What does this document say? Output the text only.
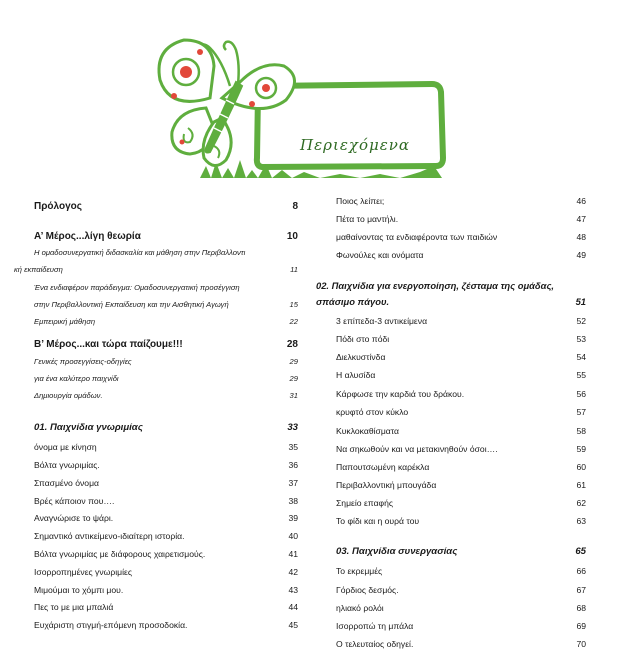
Περιεχόμενα
Πρόλογος	8
Α’ Μέρος...λίγη θεωρία	10
Η ομαδοσυνεργατική διδασκαλία και μάθηση στην Περιβαλλοντι
κή εκπαίδευση	11
Ένα ενδιαφέρον παράδειγμα: Ομαδοσυνεργατική προσέγγιση
στην Περιβαλλοντική Εκπαίδευση και την Αισθητική Αγωγή	15
Εμπειρική μάθηση	22
Β’ Μέρος...και τώρα παίζουμε!!!	28
Γενικές προσεγγίσεις-οδηγίες	29
για ένα καλύτερο παιχνίδι	29
Δημιουργία ομάδων.	31
01. Παιχνίδια γνωριμίας	33
όνομα με κίνηση	35
Βόλτα γνωριμίας.	36
Σπασμένο όνομα	37
Βρές κάποιον που….	38
Αναγνώρισε το ψάρι.	39
Σημαντικό αντικείμενο-ιδιαίτερη ιστορία.	40
Βόλτα γνωριμίας με διάφορους χαιρετισμούς.	41
Ισορροπημένες γνωριμίες	42
Μιμούμαι το χόμπι μου.	43
Πες το με μια μπαλιά	44
Ευχάριστη στιγμή-επόμενη προσοδοκία.	45
Ποιος λείπει;	46
Πέτα το μαντήλι.	47
μαθαίνοντας τα ενδιαφέροντα των παιδιών	48
Φωνούλες και ονόματα	49
02. Παιχνίδια για ενεργοποίηση, ζέσταμα της ομάδας,
σπάσιμο πάγου.	51
3 επίπεδα-3 αντικείμενα	52
Πόδι στο πόδι	53
Διελκυστίνδα	54
Η αλυσίδα	55
Κάρφωσε την καρδιά του δράκου.	56
κρυφτό στον κύκλο	57
Κυκλοκαθίσματα	58
Να σηκωθούν και να μετακινηθούν όσοι….	59
Παπουτσωμένη καρέκλα	60
Περιβαλλοντική μπουγάδα	61
Σημείο επαφής	62
Το φίδι και η ουρά του	63
03. Παιχνίδια συνεργασίας	65
Το εκρεμμές	66
Γόρδιος δεσμός.	67
ηλιακό ρολόι	68
Ισορροπώ τη μπάλα	69
Ο τελευταίος οδηγεί.	70
